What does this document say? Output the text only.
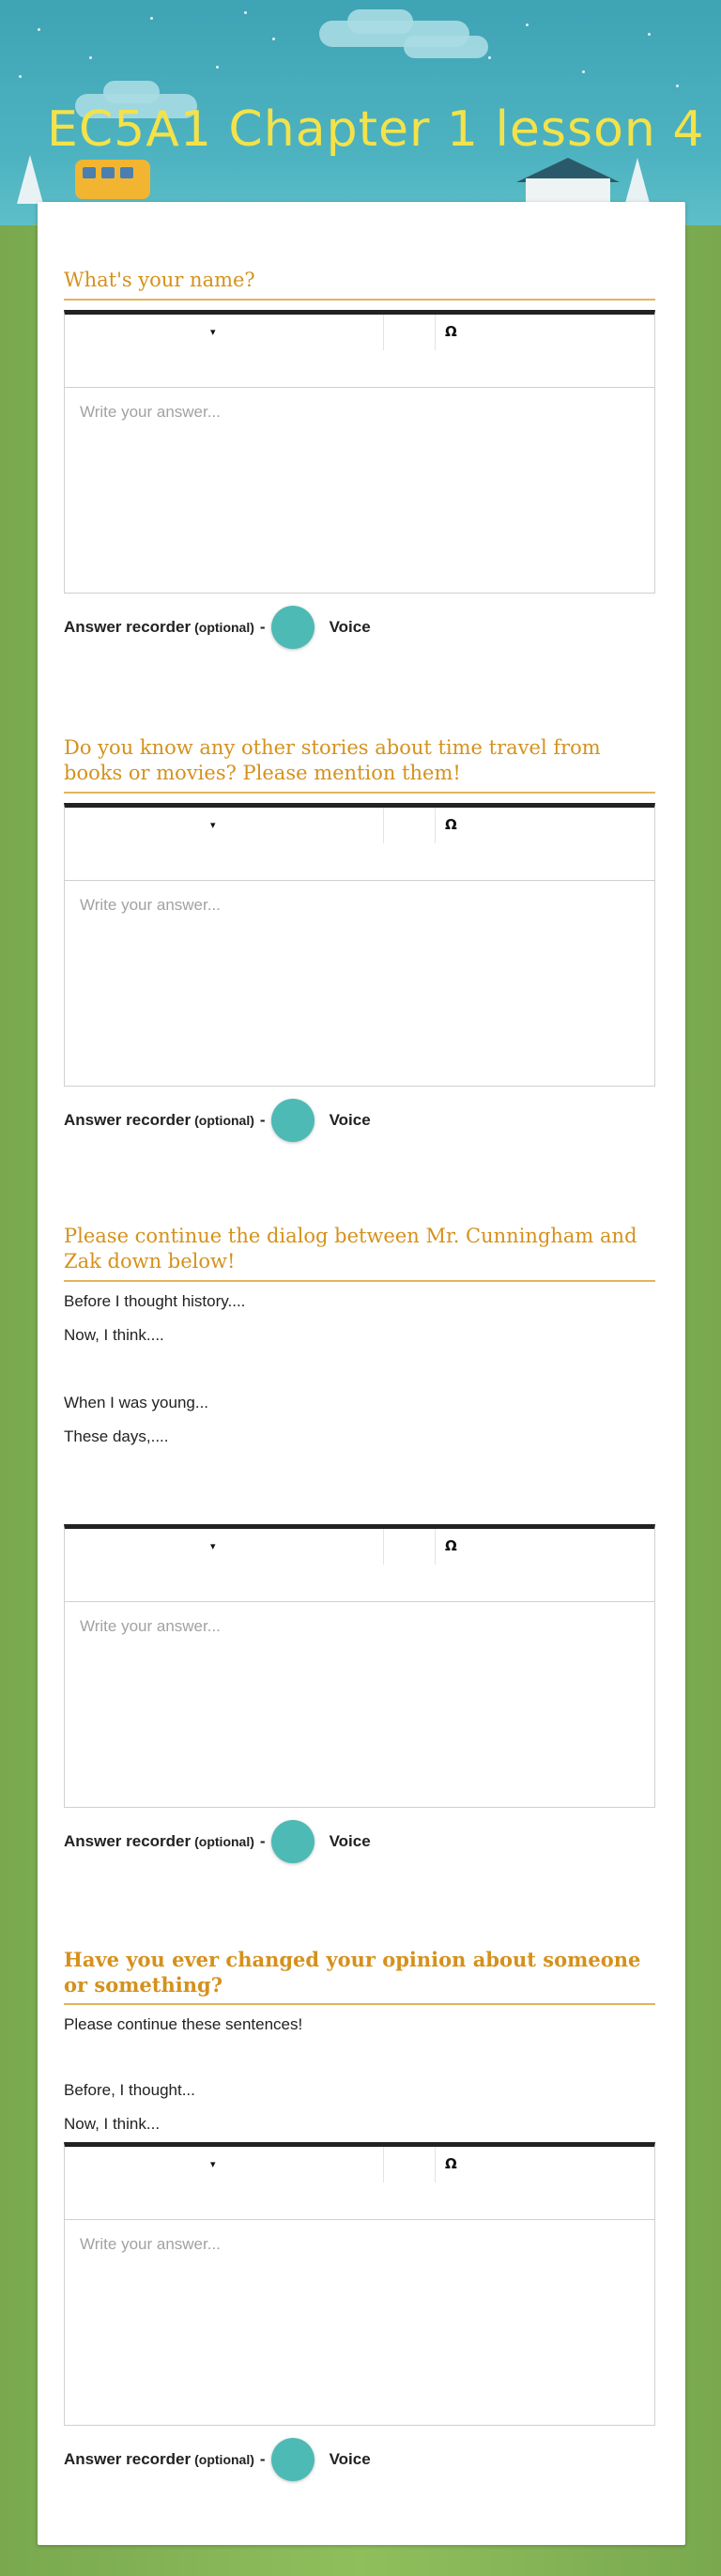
EC5A1 Chapter 1 lesson 4
What's your name?
▾	Ω
Write your answer...
Answer recorder (optional) -	Voice
Do you know any other stories about time travel from books or movies? Please mention them!
▾	Ω
Write your answer...
Answer recorder (optional) -	Voice
Please continue the dialog between Mr. Cunningham and Zak down below!
Before I thought history....
Now, I think....
When I was young...
These days,....
▾	Ω
Write your answer...
Answer recorder (optional) -	Voice
Have you ever changed your opinion about someone or something?
Please continue these sentences!
Before, I thought...
Now, I think...
▾	Ω
Write your answer...
Answer recorder (optional) -	Voice
